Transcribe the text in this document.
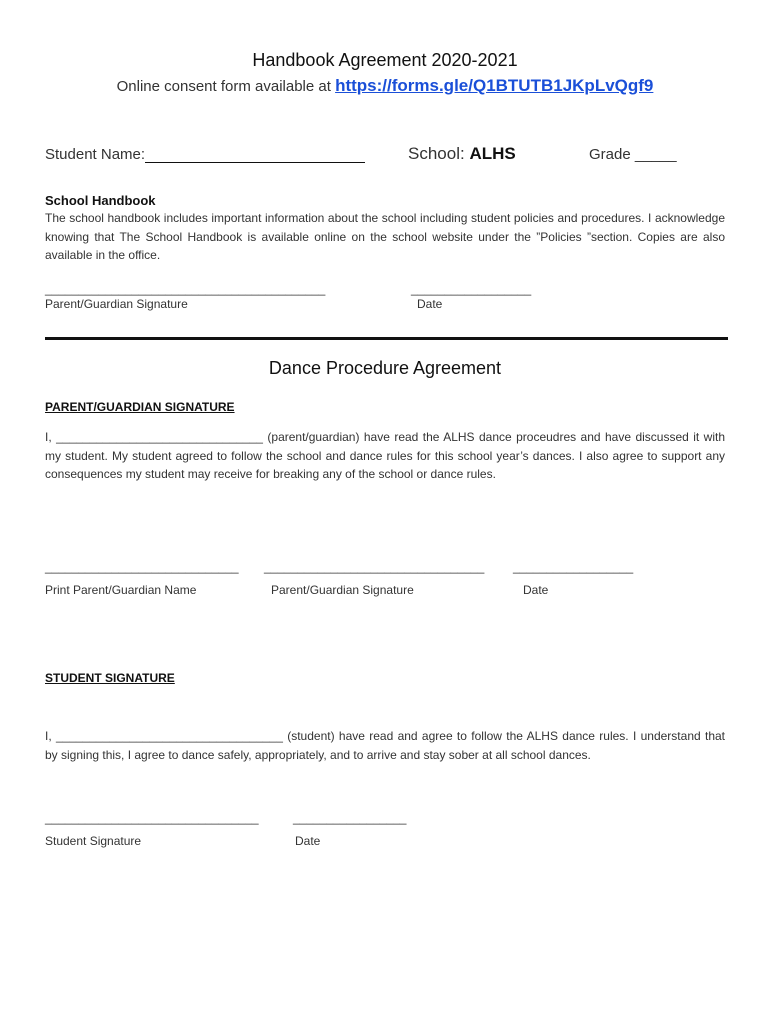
Handbook Agreement 2020-2021
Online consent form available at https://forms.gle/Q1BTUTB1JKpLvQgf9
Student Name:	School: ALHS	Grade _____
School Handbook
The school handbook includes important information about the school including student policies and procedures. I acknowledge knowing that The School Handbook is available online on the school website under the ”Policies ”section. Copies are also available in the office.
__________________________________________	__________________
Parent/Guardian Signature	Date
Dance Procedure Agreement
PARENT/GUARDIAN SIGNATURE
I, _______________________________ (parent/guardian) have read the ALHS dance proceudres and have discussed it with my student. My student agreed to follow the school and dance rules for this school year’s dances. I also agree to support any consequences my student may receive for breaking any of the school or dance rules.
_____________________________ _________________________________ __________________
Print Parent/Guardian Name	Parent/Guardian Signature	Date
STUDENT SIGNATURE
I, __________________________________ (student) have read and agree to follow the ALHS dance rules. I understand that by signing this, I agree to dance safely, appropriately, and to arrive and stay sober at all school dances.
________________________________	_________________
Student Signature	Date
